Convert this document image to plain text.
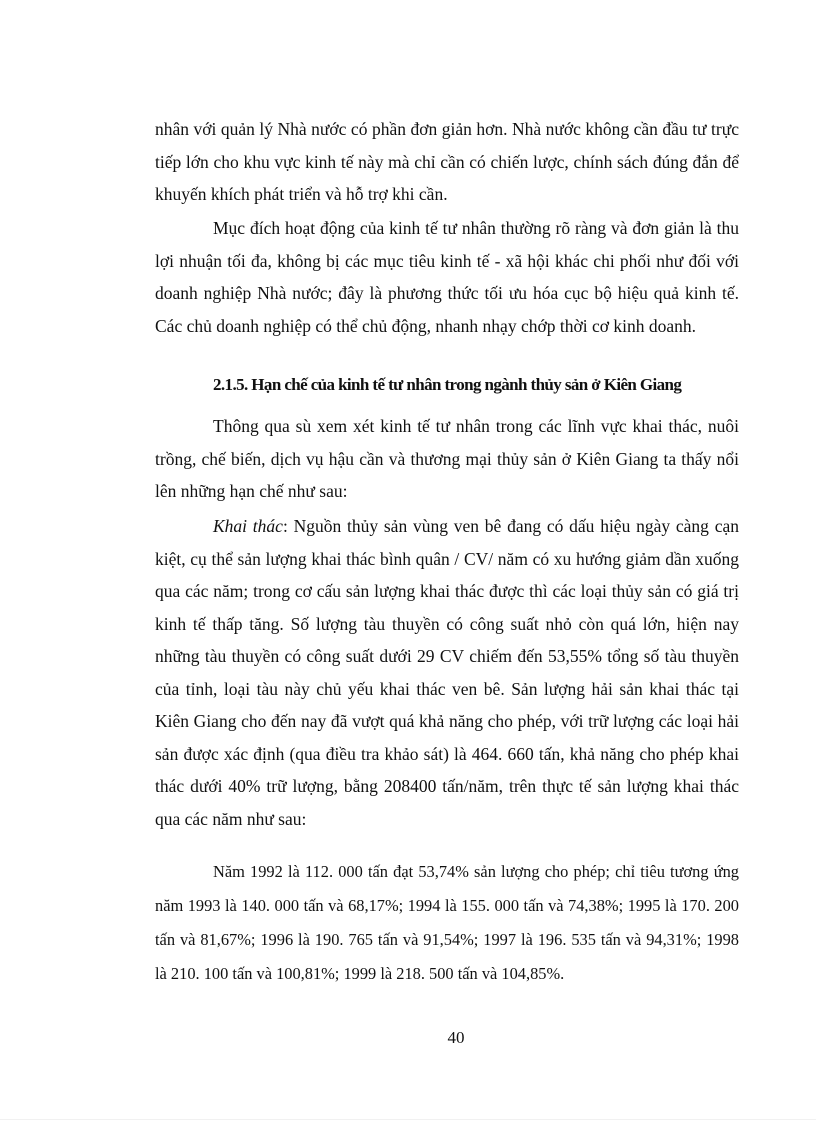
nhân với quản lý Nhà nước có phần đơn giản hơn. Nhà nước không cần đầu tư trực tiếp lớn cho khu vực kinh tế này mà chỉ cần có chiến lược, chính sách đúng đắn để khuyến khích phát triển và hỗ trợ khi cần.

Mục đích hoạt động của kinh tế tư nhân thường rõ ràng và đơn giản là thu lợi nhuận tối đa, không bị các mục tiêu kinh tế - xã hội khác chi phối như đối với doanh nghiệp Nhà nước; đây là phương thức tối ưu hóa cục bộ hiệu quả kinh tế. Các chủ doanh nghiệp có thể chủ động, nhanh nhạy chớp thời cơ kinh doanh.

2.1.5. Hạn chế của kinh tế tư nhân trong ngành thủy sản ở Kiên Giang

Thông qua sù xem xét kinh tế tư nhân trong các lĩnh vực khai thác, nuôi trồng, chế biến, dịch vụ hậu cần và thương mại thủy sản ở Kiên Giang ta thấy nổi lên những hạn chế như sau:

Khai thác: Nguồn thủy sản vùng ven bê đang có dấu hiệu ngày càng cạn kiệt, cụ thể sản lượng khai thác bình quân / CV/ năm có xu hướng giảm dần xuống qua các năm; trong cơ cấu sản lượng khai thác được thì các loại thủy sản có giá trị kinh tế thấp tăng. Số lượng tàu thuyền có công suất nhỏ còn quá lớn, hiện nay những tàu thuyền có công suất dưới 29 CV chiếm đến 53,55% tổng số tàu thuyền của tỉnh, loại tàu này chủ yếu khai thác ven bê. Sản lượng hải sản khai thác tại Kiên Giang cho đến nay đã vượt quá khả năng cho phép, với trữ lượng các loại hải sản được xác định (qua điều tra khảo sát) là 464. 660 tấn, khả năng cho phép khai thác dưới 40% trữ lượng, bằng 208400 tấn/năm, trên thực tế sản lượng khai thác qua các năm như sau:

Năm 1992 là 112. 000 tấn đạt 53,74% sản lượng cho phép; chỉ tiêu tương ứng năm 1993 là 140. 000 tấn và 68,17%; 1994 là 155. 000 tấn và 74,38%; 1995 là 170. 200 tấn và 81,67%; 1996 là 190. 765 tấn và 91,54%; 1997 là 196. 535 tấn và 94,31%; 1998 là 210. 100 tấn và 100,81%; 1999 là 218. 500 tấn và 104,85%.

40
